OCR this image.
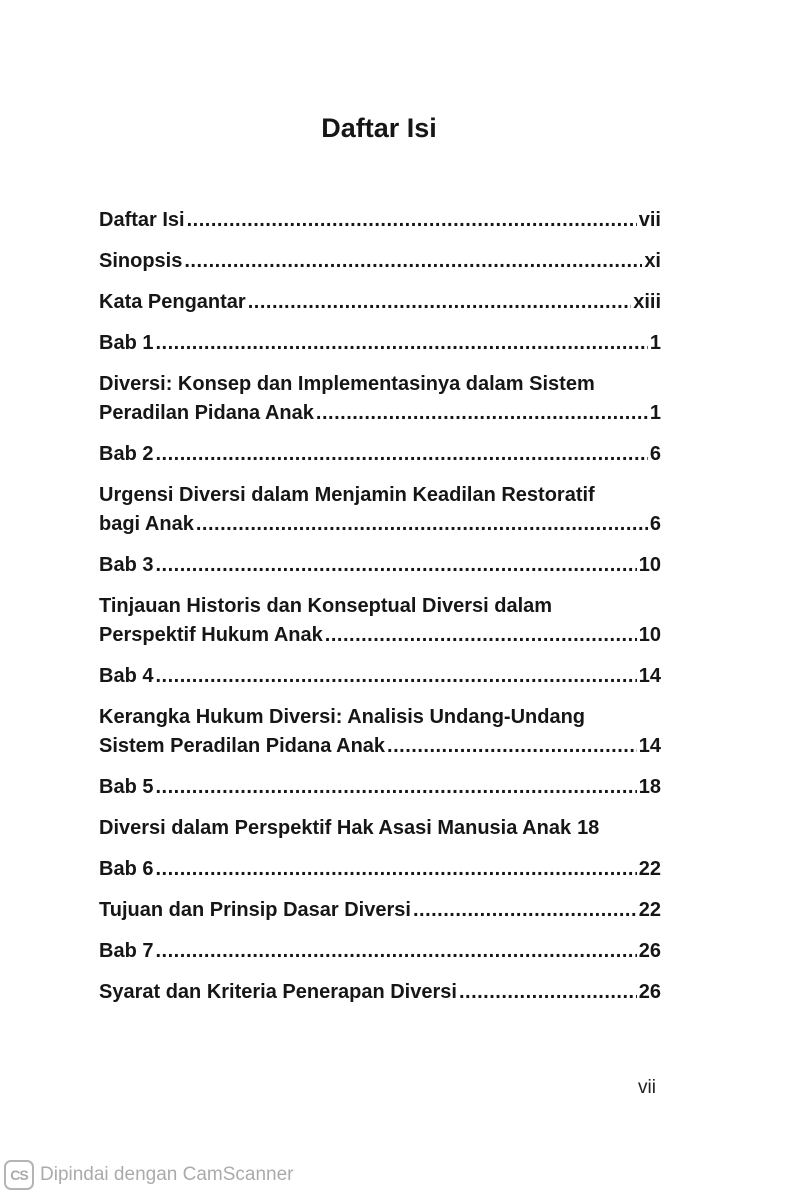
Daftar Isi
Daftar Isi .....	vii
Sinopsis .....	xi
Kata Pengantar .....	xiii
Bab 1 .....	1
Diversi: Konsep dan Implementasinya dalam Sistem
Peradilan Pidana Anak .....	1
Bab 2 .....	6
Urgensi Diversi dalam Menjamin Keadilan Restoratif
bagi Anak .....	6
Bab 3 .....	10
Tinjauan Historis dan Konseptual Diversi dalam
Perspektif Hukum Anak .....	10
Bab 4 .....	14
Kerangka Hukum Diversi: Analisis Undang-Undang
Sistem Peradilan Pidana Anak .....	14
Bab 5 .....	18
Diversi dalam Perspektif Hak Asasi Manusia Anak 18
Bab 6 .....	22
Tujuan dan Prinsip Dasar Diversi .....	22
Bab 7 .....	26
Syarat dan Kriteria Penerapan Diversi .....	26
vii
CS Dipindai dengan CamScanner
